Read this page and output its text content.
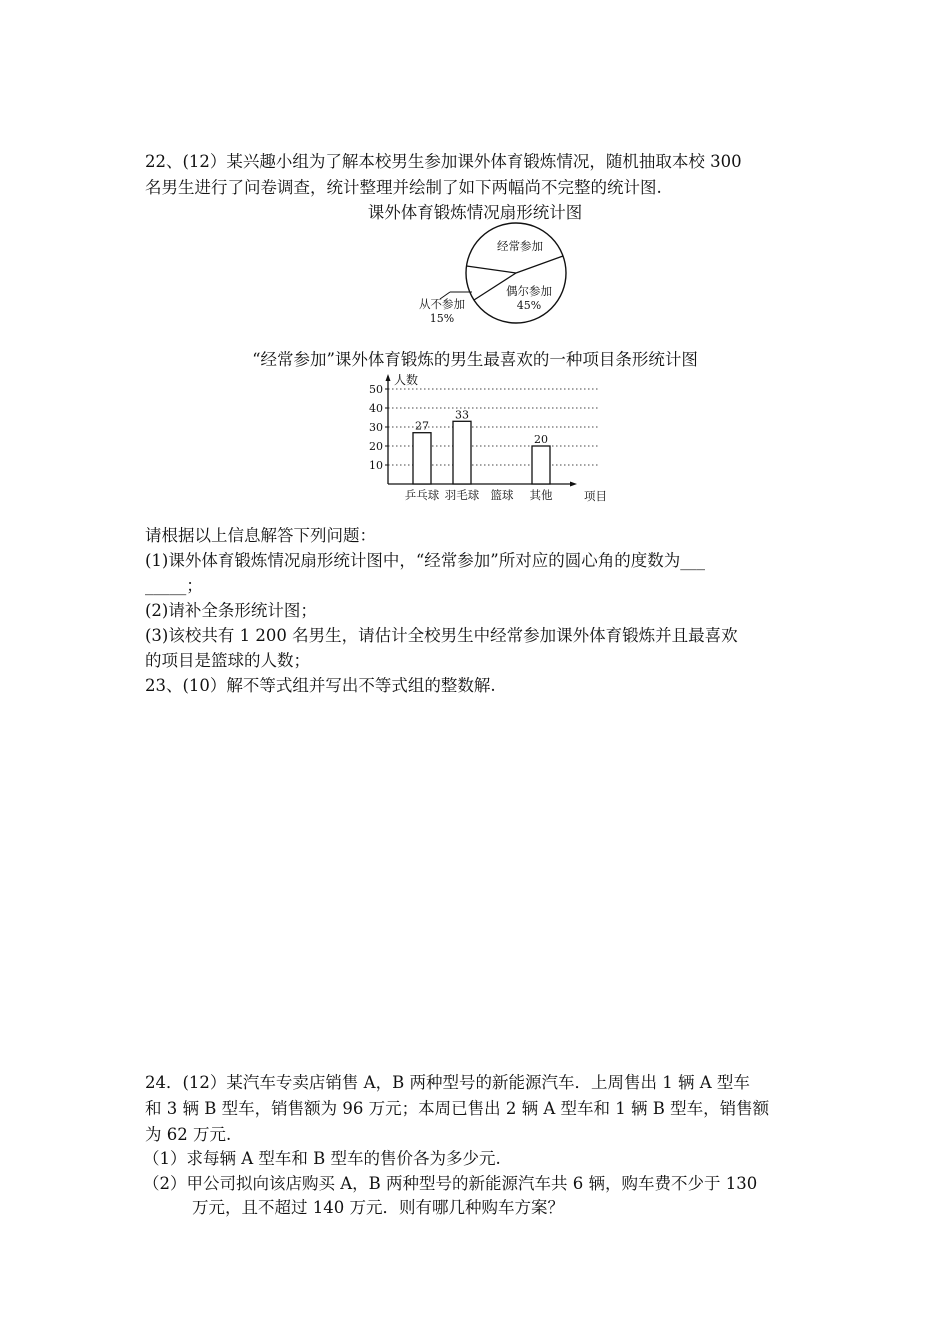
22、(12）某兴趣小组为了解本校男生参加课外体育锻炼情况，随机抽取本校 300
名男生进行了问卷调查，统计整理并绘制了如下两幅尚不完整的统计图.
课外体育锻炼情况扇形统计图
经常参加
偶尔参加
45%
从不参加
15%
“经常参加”课外体育锻炼的男生最喜欢的一种项目条形统计图
人数
项目
10
20
30
40
50
乒乓球
27
羽毛球
33
篮球 其他
20
请根据以上信息解答下列问题：
(1)课外体育锻炼情况扇形统计图中，“经常参加”所对应的圆心角的度数为___
_____；
(2)请补全条形统计图；
(3)该校共有 1 200 名男生，请估计全校男生中经常参加课外体育锻炼并且最喜欢
的项目是篮球的人数；
23、(10）解不等式组并写出不等式组的整数解.
24．(12）某汽车专卖店销售 A，B 两种型号的新能源汽车．上周售出 1 辆 A 型车
和 3 辆 B 型车，销售额为 96 万元；本周已售出 2 辆 A 型车和 1 辆 B 型车，销售额
为 62 万元.
（1）求每辆 A 型车和 B 型车的售价各为多少元.
（2）甲公司拟向该店购买 A，B 两种型号的新能源汽车共 6 辆，购车费不少于 130
万元，且不超过 140 万元．则有哪几种购车方案？
